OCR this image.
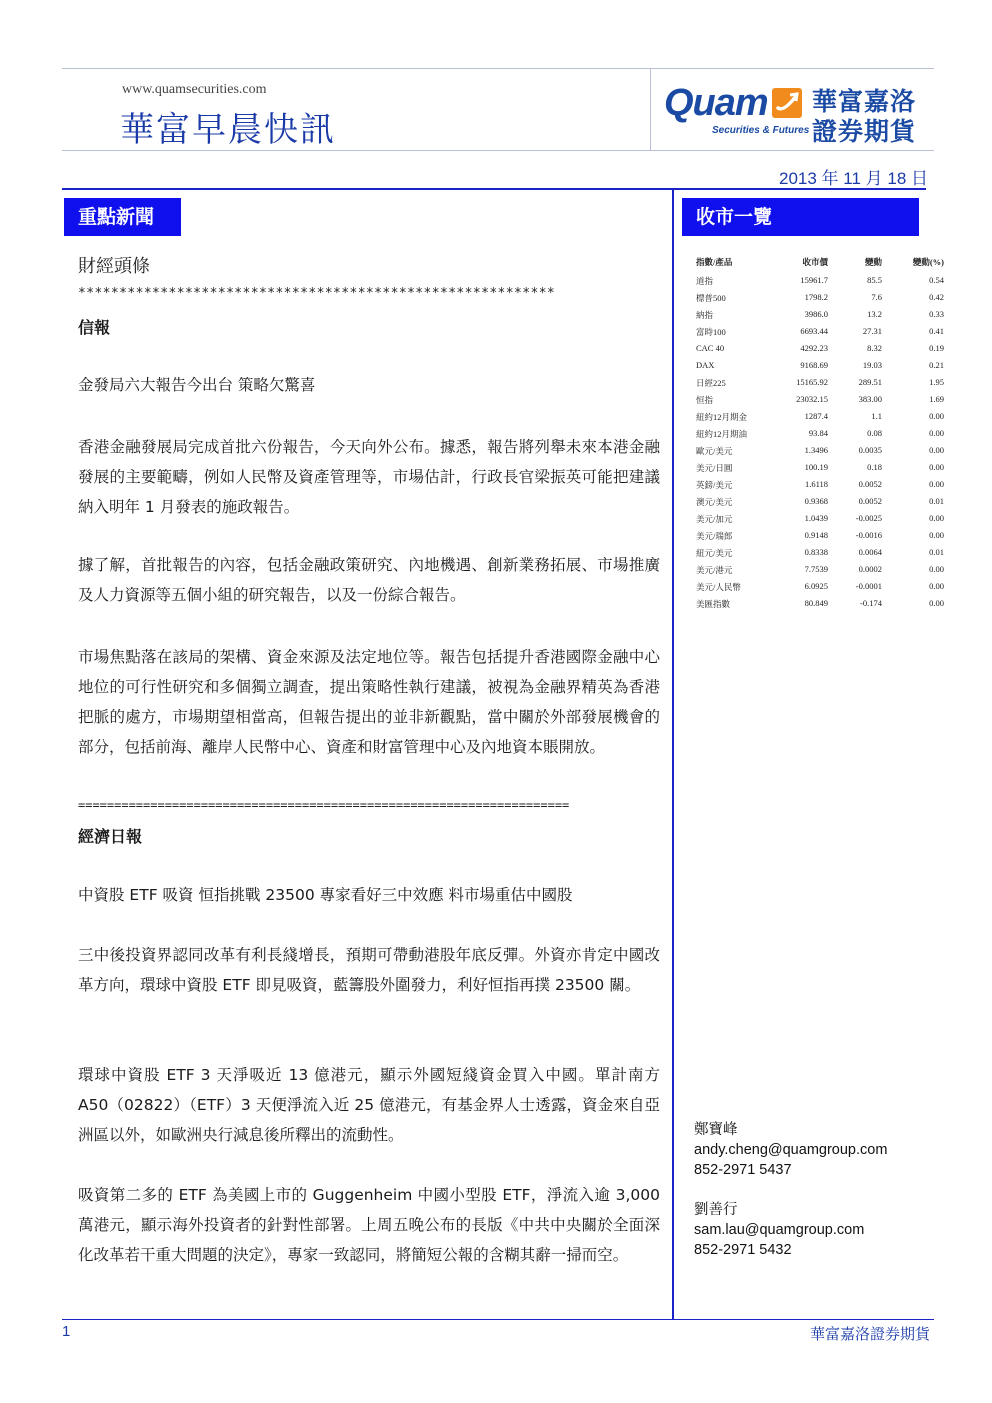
www.quamsecurities.com
華富早晨快訊
Quam
Securities & Futures
華富嘉洛
證券期貨
2013 年 11 月 18 日
重點新聞
財經頭條
**********************************************************
信報
金發局六大報告今出台 策略欠驚喜
香港金融發展局完成首批六份報告，今天向外公布。據悉，報告將列舉未來本港金融發展的主要範疇，例如人民幣及資產管理等，市場估計，行政長官梁振英可能把建議納入明年 1 月發表的施政報告。
據了解，首批報告的內容，包括金融政策研究、內地機遇、創新業務拓展、市場推廣及人力資源等五個小組的研究報告，以及一份綜合報告。
市場焦點落在該局的架構、資金來源及法定地位等。報告包括提升香港國際金融中心地位的可行性研究和多個獨立調查，提出策略性執行建議，被視為金融界精英為香港把脈的處方，市場期望相當高，但報告提出的並非新觀點，當中關於外部發展機會的部分，包括前海、離岸人民幣中心、資產和財富管理中心及內地資本賬開放。
====================================================================
經濟日報
中資股 ETF 吸資 恒指挑戰 23500 專家看好三中效應 料市場重估中國股
三中後投資界認同改革有利長綫增長，預期可帶動港股年底反彈。外資亦肯定中國改革方向，環球中資股 ETF 即見吸資，藍籌股外圍發力，利好恒指再撲 23500 關。
環球中資股 ETF 3 天淨吸近 13 億港元，顯示外國短綫資金買入中國。單計南方 A50（02822）（ETF）3 天便淨流入近 25 億港元，有基金界人士透露，資金來自亞洲區以外，如歐洲央行減息後所釋出的流動性。
吸資第二多的 ETF 為美國上市的 Guggenheim 中國小型股 ETF，淨流入逾 3,000 萬港元，顯示海外投資者的針對性部署。上周五晚公布的長版《中共中央關於全面深化改革若干重大問題的決定》，專家一致認同，將簡短公報的含糊其辭一掃而空。
收市一覽
指數/產品	收市價	變動	變動(%)
道指	15961.7	85.5	0.54
標普500	1798.2	7.6	0.42
納指	3986.0	13.2	0.33
富時100	6693.44	27.31	0.41
CAC 40	4292.23	8.32	0.19
DAX	9168.69	19.03	0.21
日經225	15165.92	289.51	1.95
恒指	23032.15	383.00	1.69
紐約12月期金	1287.4	1.1	0.00
紐約12月期油	93.84	0.08	0.00
歐元/美元	1.3496	0.0035	0.00
美元/日圓	100.19	0.18	0.00
英鎊/美元	1.6118	0.0052	0.00
澳元/美元	0.9368	0.0052	0.01
美元/加元	1.0439	-0.0025	0.00
美元/瑞郎	0.9148	-0.0016	0.00
紐元/美元	0.8338	0.0064	0.01
美元/港元	7.7539	0.0002	0.00
美元/人民幣	6.0925	-0.0001	0.00
美匯指數	80.849	-0.174	0.00
鄭寶峰
andy.cheng@quamgroup.com
852-2971 5437
劉善行
sam.lau@quamgroup.com
852-2971 5432
1	華富嘉洛證券期貨
